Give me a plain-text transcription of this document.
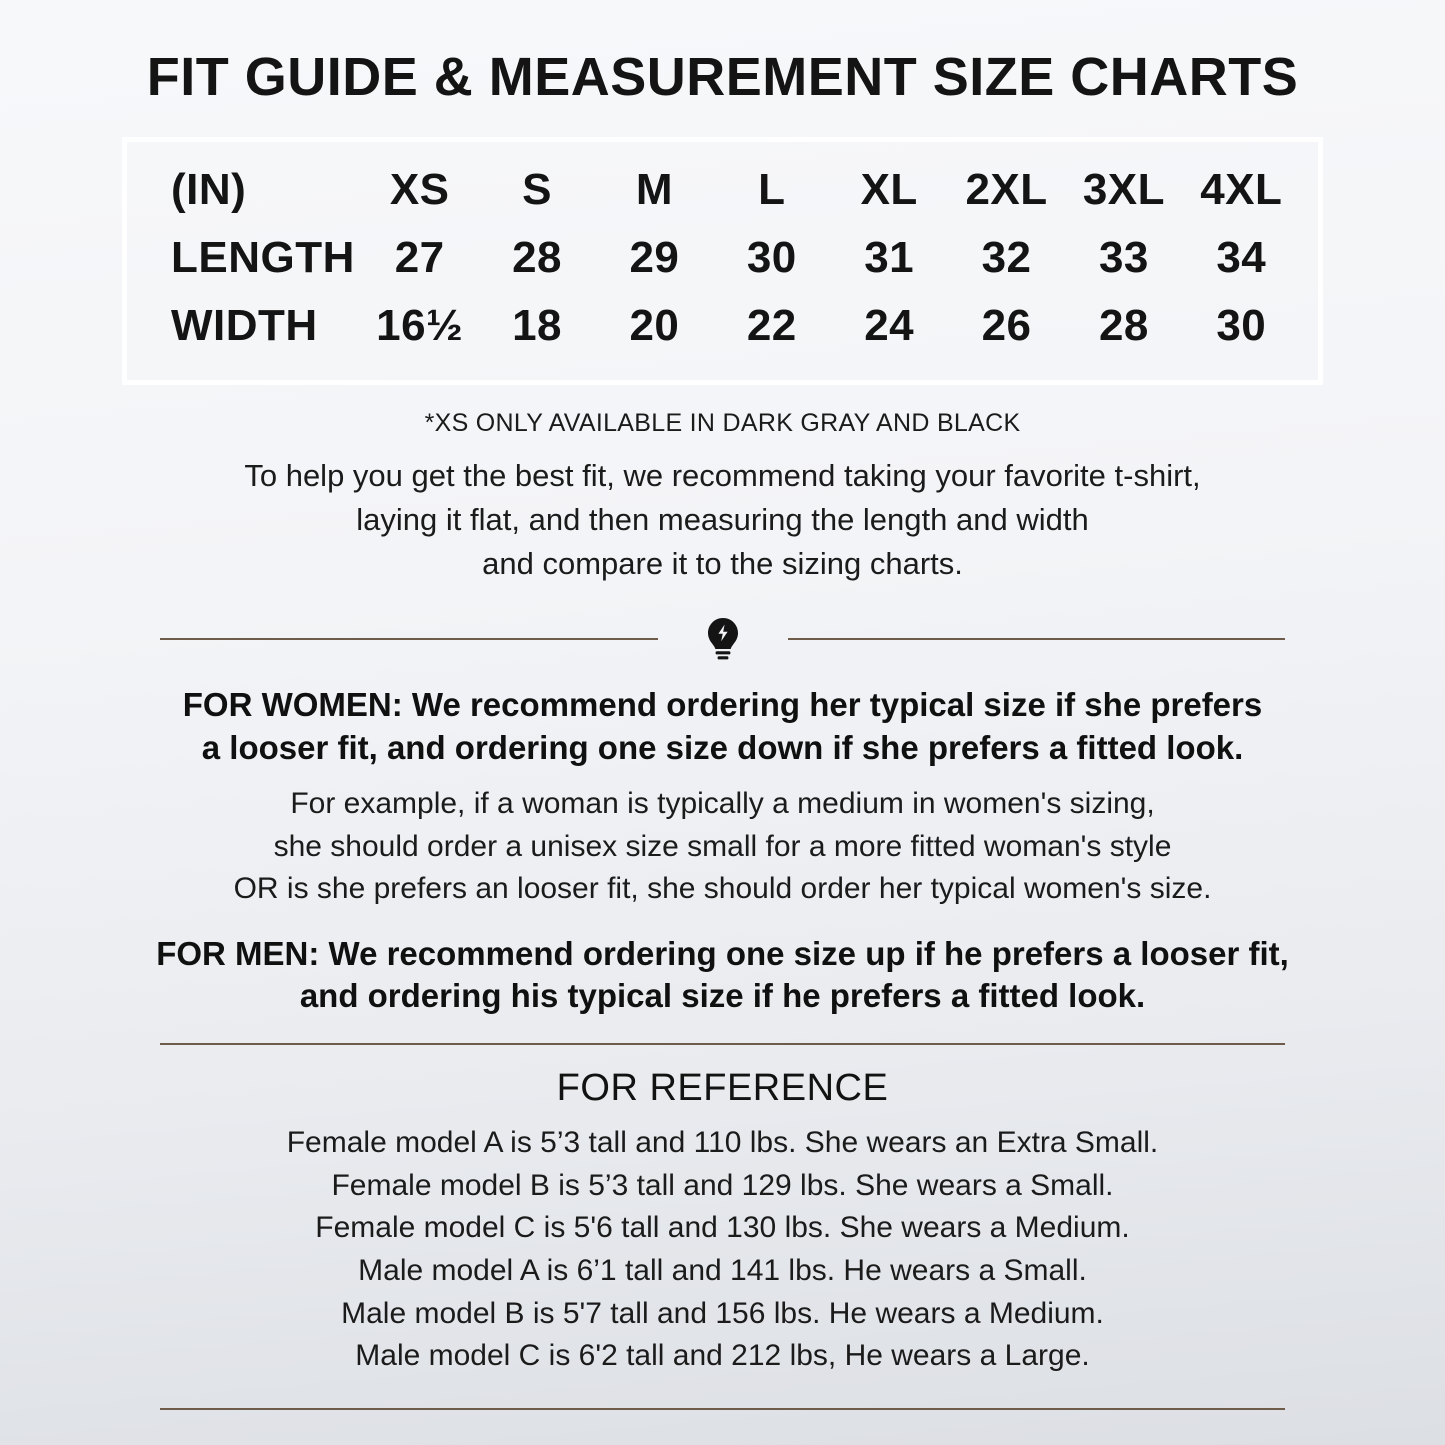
FIT GUIDE & MEASUREMENT SIZE CHARTS
(IN)	XS	S	M	L	XL	2XL	3XL	4XL
LENGTH	27	28	29	30	31	32	33	34
WIDTH	16½	18	20	22	24	26	28	30
*XS ONLY AVAILABLE IN DARK GRAY AND BLACK
To help you get the best fit, we recommend taking your favorite t-shirt,
laying it flat, and then measuring the length and width
and compare it to the sizing charts.
FOR WOMEN: We recommend ordering her typical size if she prefers
a looser fit, and ordering one size down if she prefers a fitted look.
For example, if a woman is typically a medium in women's sizing,
she should order a unisex size small for a more fitted woman's style
OR is she prefers an looser fit, she should order her typical women's size.
FOR MEN: We recommend ordering one size up if he prefers a looser fit,
and ordering his typical size if he prefers a fitted look.
FOR REFERENCE
Female model A is 5’3 tall and 110 lbs. She wears an Extra Small.
Female model B is 5’3 tall and 129 lbs. She wears a Small.
Female model C is 5'6 tall and 130 lbs. She wears a Medium.
Male model A is 6’1 tall and 141 lbs. He wears a Small.
Male model B is 5'7 tall and 156 lbs. He wears a Medium.
Male model C is 6'2 tall and 212 lbs, He wears a Large.
